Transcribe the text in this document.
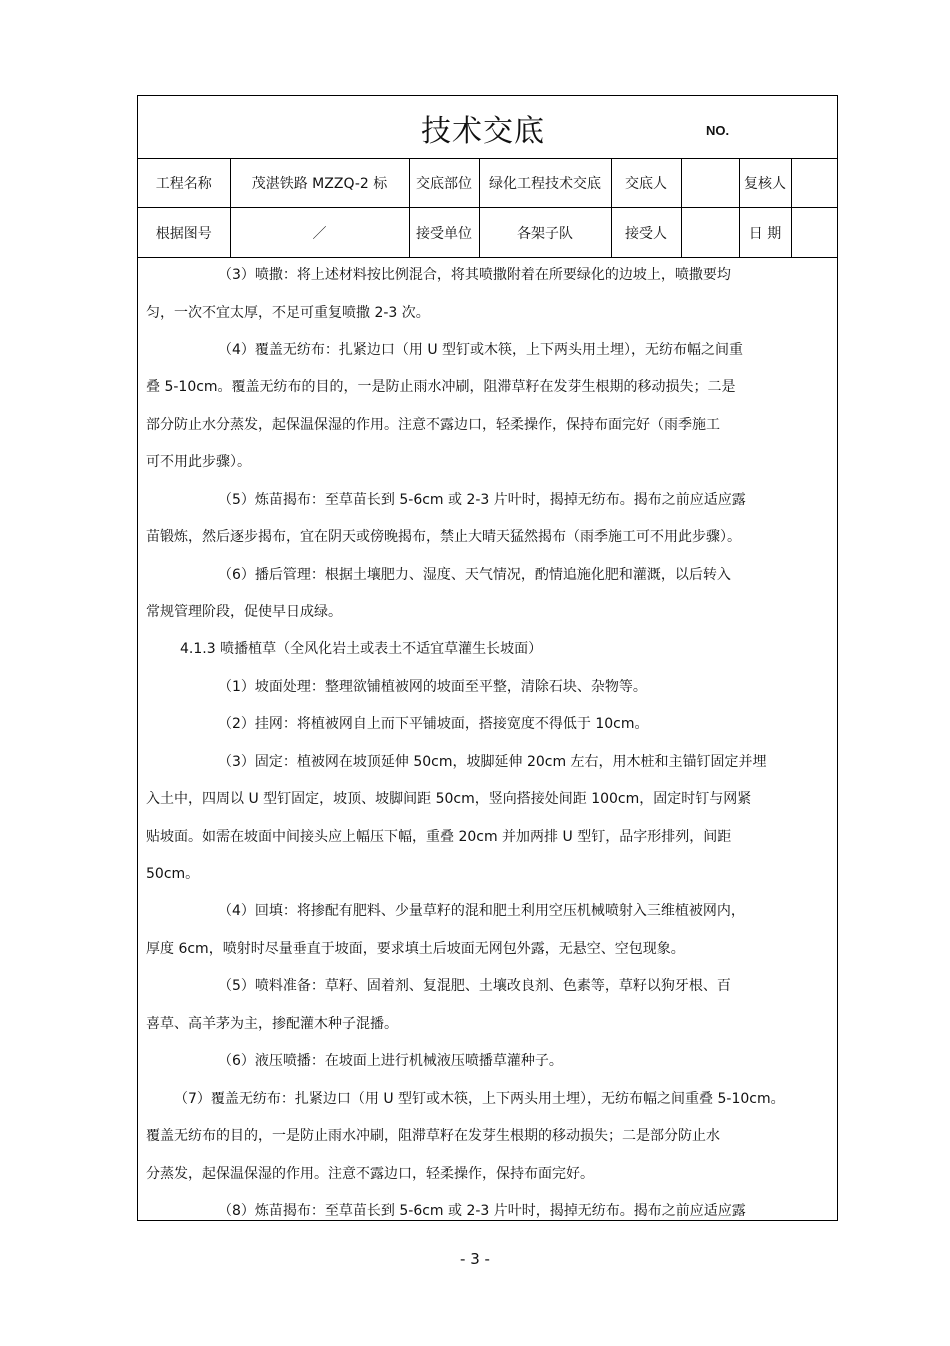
技术交底	NO.
工程名称	茂湛铁路 MZZQ-2 标	交底部位	绿化工程技术交底	交底人		复核人	
根据图号	／	接受单位	各架子队	接受人		日 期	
（3）喷撒：将上述材料按比例混合，将其喷撒附着在所要绿化的边坡上，喷撒要均
匀，一次不宜太厚，不足可重复喷撒 2-3 次。
（4）覆盖无纺布：扎紧边口（用 U 型钉或木筷，上下两头用土埋），无纺布幅之间重
叠 5-10cm。覆盖无纺布的目的，一是防止雨水冲刷，阻滞草籽在发芽生根期的移动损失；二是
部分防止水分蒸发，起保温保湿的作用。注意不露边口，轻柔操作，保持布面完好（雨季施工
可不用此步骤）。
（5）炼苗揭布：至草苗长到 5-6cm 或 2-3 片叶时，揭掉无纺布。揭布之前应适应露
苗锻炼，然后逐步揭布，宜在阴天或傍晚揭布，禁止大晴天猛然揭布（雨季施工可不用此步骤）。
（6）播后管理：根据土壤肥力、湿度、天气情况，酌情追施化肥和灌溉，以后转入
常规管理阶段，促使早日成绿。
4.1.3 喷播植草（全风化岩土或表土不适宜草灌生长坡面）
（1）坡面处理：整理欲铺植被网的坡面至平整，清除石块、杂物等。
（2）挂网：将植被网自上而下平铺坡面，搭接宽度不得低于 10cm。
（3）固定：植被网在坡顶延伸 50cm，坡脚延伸 20cm 左右，用木桩和主锚钉固定并埋
入土中，四周以 U 型钉固定，坡顶、坡脚间距 50cm，竖向搭接处间距 100cm，固定时钉与网紧
贴坡面。如需在坡面中间接头应上幅压下幅，重叠 20cm 并加两排 U 型钉，品字形排列，间距
50cm。
（4）回填：将掺配有肥料、少量草籽的混和肥土利用空压机械喷射入三维植被网内，
厚度 6cm，喷射时尽量垂直于坡面，要求填土后坡面无网包外露，无悬空、空包现象。
（5）喷料准备：草籽、固着剂、复混肥、土壤改良剂、色素等，草籽以狗牙根、百
喜草、高羊茅为主，掺配灌木种子混播。
（6）液压喷播：在坡面上进行机械液压喷播草灌种子。
（7）覆盖无纺布：扎紧边口（用 U 型钉或木筷，上下两头用土埋），无纺布幅之间重叠 5-10cm。
覆盖无纺布的目的，一是防止雨水冲刷，阻滞草籽在发芽生根期的移动损失；二是部分防止水
分蒸发，起保温保湿的作用。注意不露边口，轻柔操作，保持布面完好。
（8）炼苗揭布：至草苗长到 5-6cm 或 2-3 片叶时，揭掉无纺布。揭布之前应适应露
- 3 -
